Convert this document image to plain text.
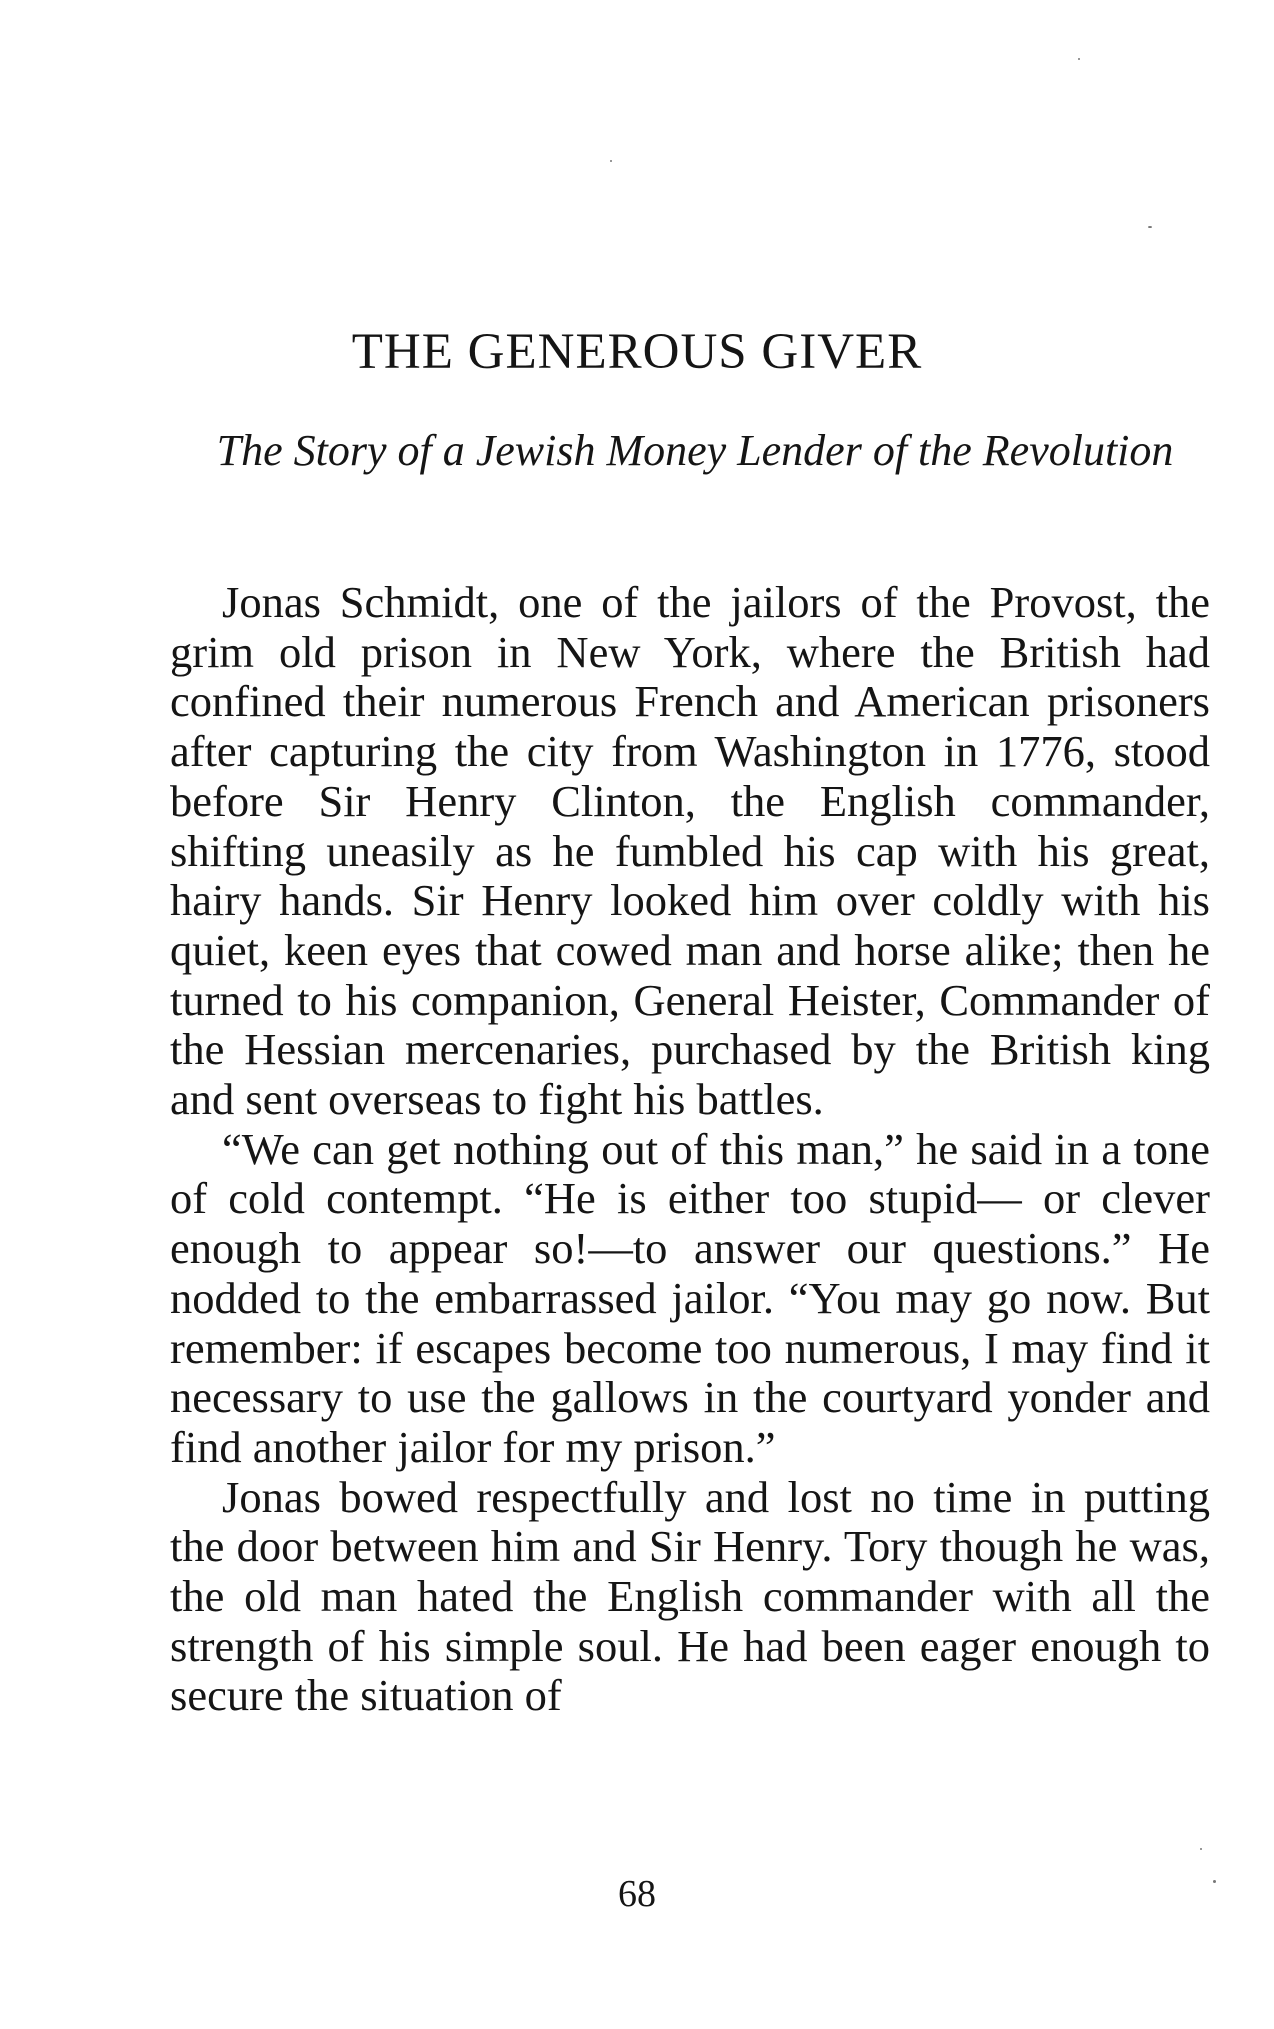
THE GENEROUS GIVER
The Story of a Jewish Money Lender of the Revolution

Jonas Schmidt, one of the jailors of the Provost, the grim old prison in New York, where the British had confined their numerous French and American prisoners after capturing the city from Washington in 1776, stood before Sir Henry Clinton, the English commander, shifting uneasily as he fumbled his cap with his great, hairy hands. Sir Henry looked him over coldly with his quiet, keen eyes that cowed man and horse alike; then he turned to his companion, General Heister, Commander of the Hessian mercenaries, purchased by the British king and sent overseas to fight his battles.

“We can get nothing out of this man,” he said in a tone of cold contempt. “He is either too stupid— or clever enough to appear so!—to answer our questions.” He nodded to the embarrassed jailor. “You may go now. But remember: if escapes become too numerous, I may find it necessary to use the gallows in the courtyard yonder and find another jailor for my prison.”

Jonas bowed respectfully and lost no time in putting the door between him and Sir Henry. Tory though he was, the old man hated the English commander with all the strength of his simple soul. He had been eager enough to secure the situation of

68
